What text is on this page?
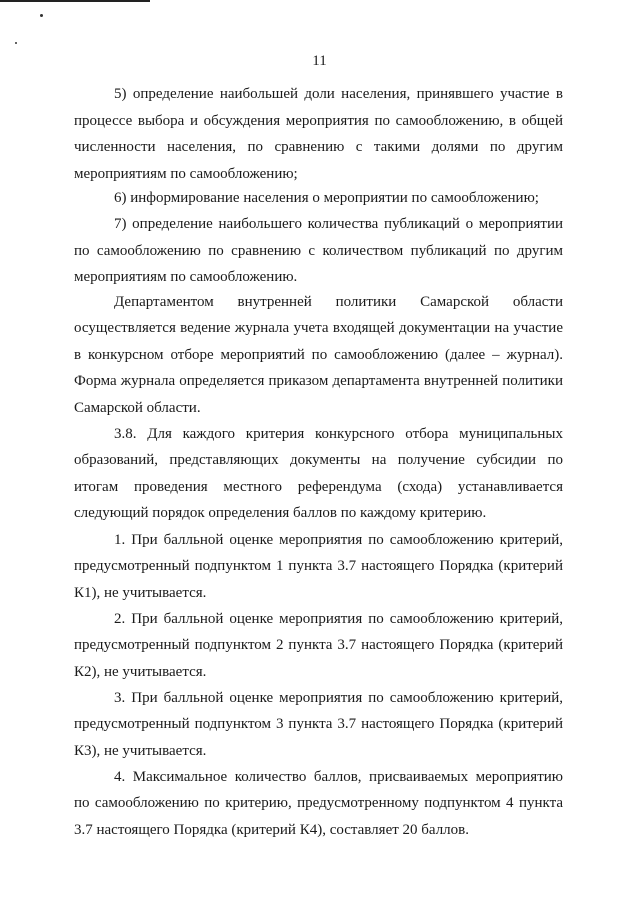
11

5) определение наибольшей доли населения, принявшего участие в процессе выбора и обсуждения мероприятия по самообложению, в общей численности населения, по сравнению с такими долями по другим мероприятиям по самообложению;

6) информирование населения о мероприятии по самообложению;

7) определение наибольшего количества публикаций о мероприятии по самообложению по сравнению с количеством публикаций по другим мероприятиям по самообложению.

Департаментом внутренней политики Самарской области осуществляется ведение журнала учета входящей документации на участие в конкурсном отборе мероприятий по самообложению (далее – журнал). Форма журнала определяется приказом департамента внутренней политики Самарской области.

3.8. Для каждого критерия конкурсного отбора муниципальных образований, представляющих документы на получение субсидии по итогам проведения местного референдума (схода) устанавливается следующий порядок определения баллов по каждому критерию.

1. При балльной оценке мероприятия по самообложению критерий, предусмотренный подпунктом 1 пункта 3.7 настоящего Порядка (критерий К1), не учитывается.

2. При балльной оценке мероприятия по самообложению критерий, предусмотренный подпунктом 2 пункта 3.7 настоящего Порядка (критерий К2), не учитывается.

3. При балльной оценке мероприятия по самообложению критерий, предусмотренный подпунктом 3 пункта 3.7 настоящего Порядка (критерий К3), не учитывается.

4. Максимальное количество баллов, присваиваемых мероприятию по самообложению по критерию, предусмотренному подпунктом 4 пункта 3.7 настоящего Порядка (критерий К4), составляет 20 баллов.
